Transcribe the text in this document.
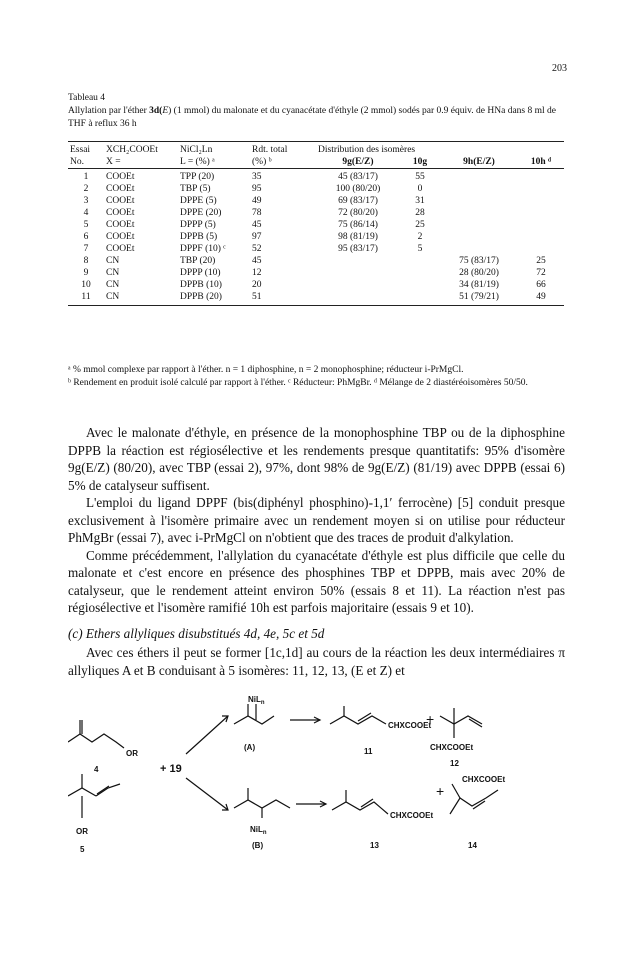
203
Tableau 4
Allylation par l'éther 3d(E) (1 mmol) du malonate et du cyanacétate d'éthyle (2 mmol) sodés par 0.9 équiv. de HNa dans 8 ml de THF à reflux 36 h
Essai	XCH₂COOEt	NiCl₂Ln	Rdt. total	Distribution des isomères			
No.	X =	L = (%) ᵃ	(%) ᵇ	9g(E/Z)	10g	9h(E/Z)	10h ᵈ
1	COOEt	TPP (20)	35	45 (83/17)	55		
2	COOEt	TBP (5)	95	100 (80/20)	0		
3	COOEt	DPPE (5)	49	69 (83/17)	31		
4	COOEt	DPPE (20)	78	72 (80/20)	28		
5	COOEt	DPPP (5)	45	75 (86/14)	25		
6	COOEt	DPPB (5)	97	98 (81/19)	2		
7	COOEt	DPPF (10) ᶜ	52	95 (83/17)	5		
8	CN	TBP (20)	45			75 (83/17)	25
9	CN	DPPP (10)	12			28 (80/20)	72
10	CN	DPPB (10)	20			34 (81/19)	66
11	CN	DPPB (20)	51			51 (79/21)	49
ᵃ % mmol complexe par rapport à l'éther. n = 1 diphosphine, n = 2 monophosphine; réducteur i-PrMgCl.
ᵇ Rendement en produit isolé calculé par rapport à l'éther. ᶜ Réducteur: PhMgBr. ᵈ Mélange de 2 diastéréoisomères 50/50.

Avec le malonate d'éthyle, en présence de la monophosphine TBP ou de la diphosphine DPPB la réaction est régiosélective et les rendements presque quantitatifs: 95% d'isomère 9g(E/Z) (80/20), avec TBP (essai 2), 97%, dont 98% de 9g(E/Z) (81/19) avec DPPB (essai 6) 5% de catalyseur suffisent.

L'emploi du ligand DPPF (bis(diphényl phosphino)-1,1′ ferrocène) [5] conduit presque exclusivement à l'isomère primaire avec un rendement moyen si on utilise pour réducteur PhMgBr (essai 7), avec i-PrMgCl on n'obtient que des traces de produit d'alkylation.

Comme précédemment, l'allylation du cyanacétate d'éthyle est plus difficile que celle du malonate et c'est encore en présence des phosphines TBP et DPPB, mais avec 20% de catalyseur, que le rendement atteint environ 50% (essais 8 et 11). La réaction n'est pas régiosélective et l'isomère ramifié 10h est parfois majoritaire (essais 9 et 10).

(c) Ethers allyliques disubstitués 4d, 4e, 5c et 5d

Avec ces éthers il peut se former [1c,1d] au cours de la réaction les deux intermédiaires π allyliques A et B conduisant à 5 isomères: 11, 12, 13, (E et Z) et

OR
4	+ 19
OR
5
NiL$_n$
(A)
CHXCOOEt
11
+
CHXCOOEt
12
NiL$_n$
(B)
CHXCOOEt
13
+
CHXCOOEt
14
